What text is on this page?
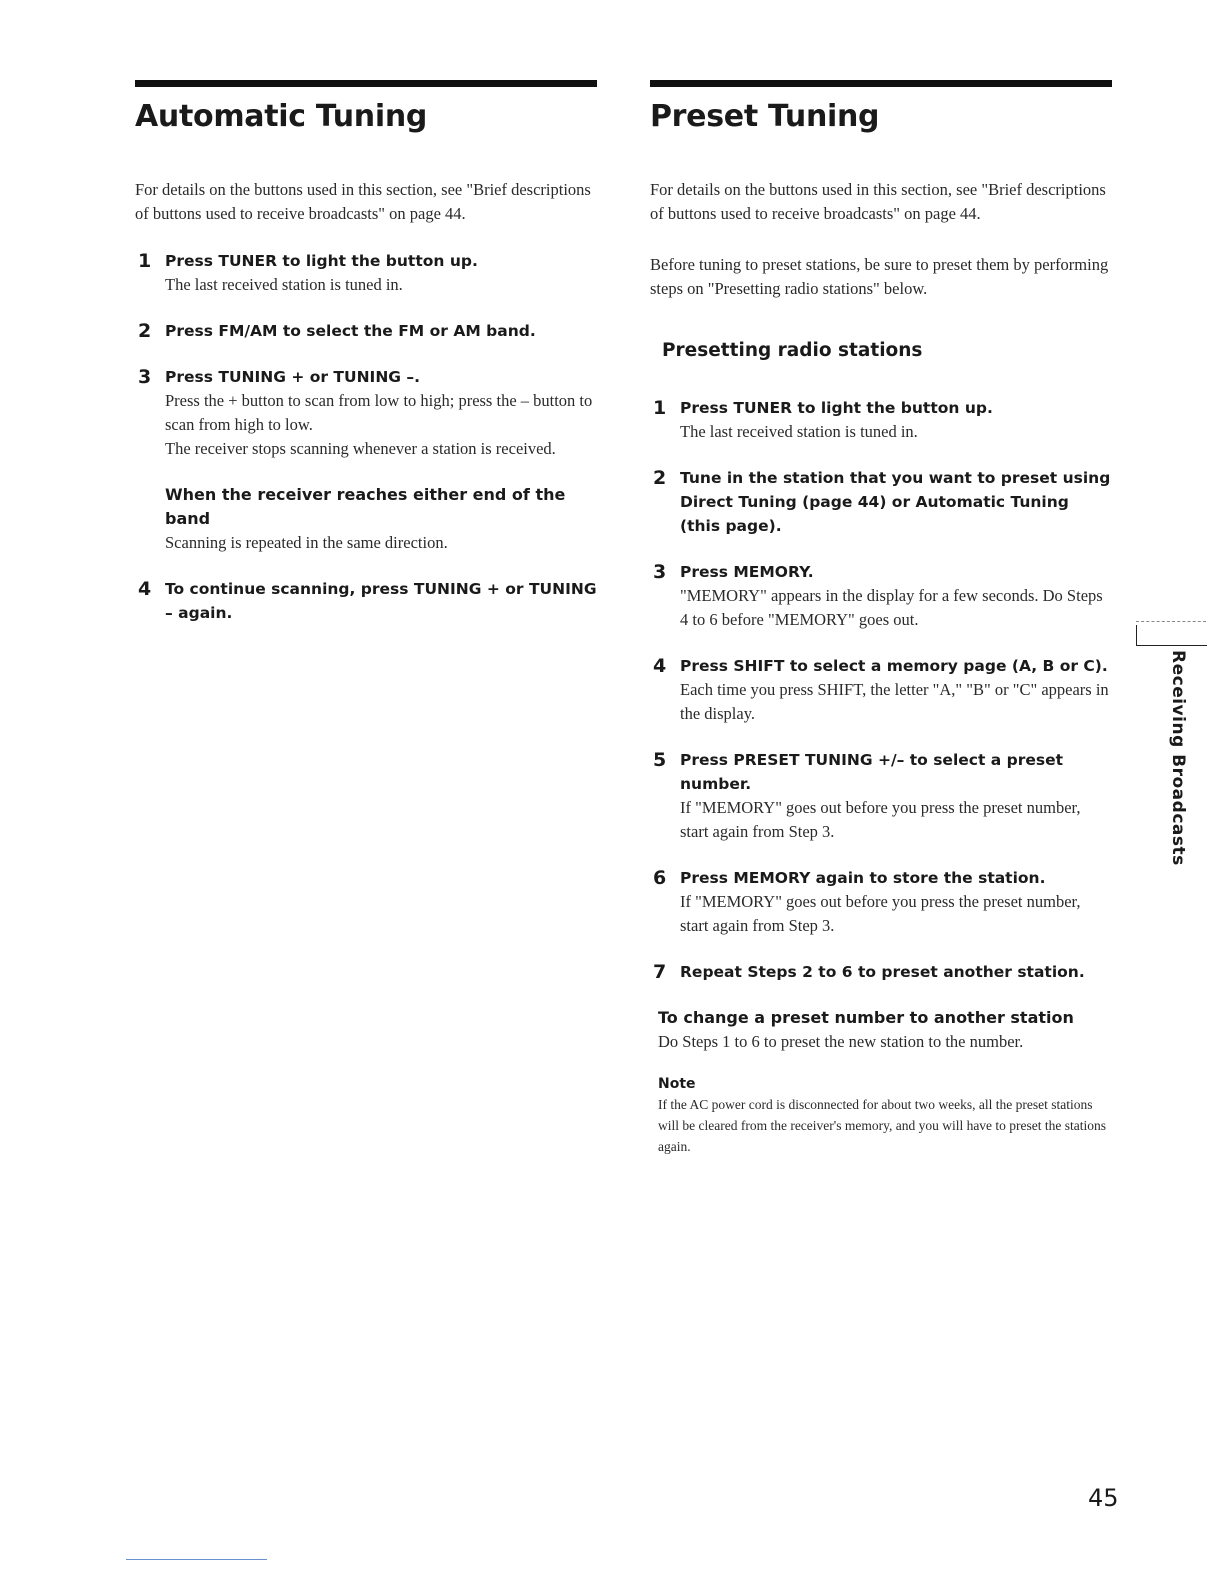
Automatic Tuning

For details on the buttons used in this section, see "Brief descriptions of buttons used to receive broadcasts" on page 44.

1 Press TUNER to light the button up.

The last received station is tuned in.

2 Press FM/AM to select the FM or AM band.

3 Press TUNING + or TUNING –.

Press the + button to scan from low to high; press the – button to scan from high to low.

The receiver stops scanning whenever a station is received.

When the receiver reaches either end of the band

Scanning is repeated in the same direction.

4 To continue scanning, press TUNING + or TUNING – again.

Preset Tuning

For details on the buttons used in this section, see "Brief descriptions of buttons used to receive broadcasts" on page 44.

Before tuning to preset stations, be sure to preset them by performing steps on "Presetting radio stations" below.

Presetting radio stations
1 Press TUNER to light the button up.

The last received station is tuned in.

2 Tune in the station that you want to preset using Direct Tuning (page 44) or Automatic Tuning (this page).

3 Press MEMORY.

"MEMORY" appears in the display for a few seconds. Do Steps 4 to 6 before "MEMORY" goes out.

4 Press SHIFT to select a memory page (A, B or C).

Each time you press SHIFT, the letter "A," "B" or "C" appears in the display.

5 Press PRESET TUNING +/– to select a preset number.

If "MEMORY" goes out before you press the preset number, start again from Step 3.

6 Press MEMORY again to store the station.

If "MEMORY" goes out before you press the preset number, start again from Step 3.

7 Repeat Steps 2 to 6 to preset another station.

To change a preset number to another station

Do Steps 1 to 6 to preset the new station to the number.

Note

If the AC power cord is disconnected for about two weeks, all the preset stations will be cleared from the receiver's memory, and you will have to preset the stations again.

Receiving Broadcasts
45
